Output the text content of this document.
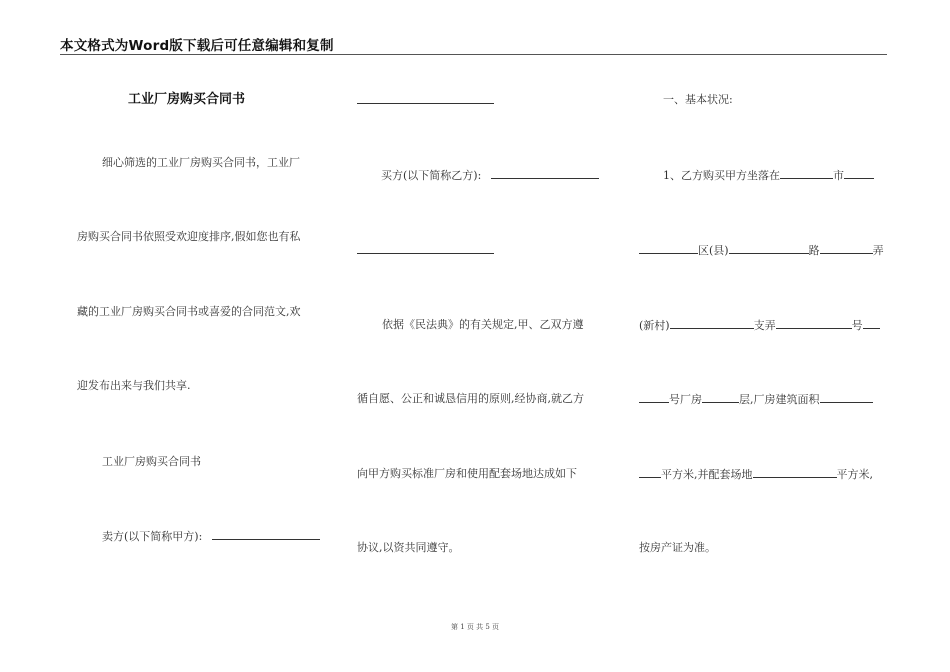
本文格式为Word版下载后可任意编辑和复制
工业厂房购买合同书
细心筛选的工业厂房购买合同书，工业厂
房购买合同书依照受欢迎度排序,假如您也有私
藏的工业厂房购买合同书或喜爱的合同范文,欢
迎发布出来与我们共享.
工业厂房购买合同书
卖方(以下简称甲方):
买方(以下简称乙方):
依据《民法典》的有关规定,甲、乙双方遵
循自愿、公正和诚恳信用的原则,经协商,就乙方
向甲方购买标准厂房和使用配套场地达成如下
协议,以资共同遵守。
一、基本状况:
1、乙方购买甲方坐落在	市
区(县)	路	弄
(新村)	支弄	号
号厂房	层,厂房建筑面积
平方米,并配套场地	平方米,
按房产证为准。
第 1 页 共 5 页
